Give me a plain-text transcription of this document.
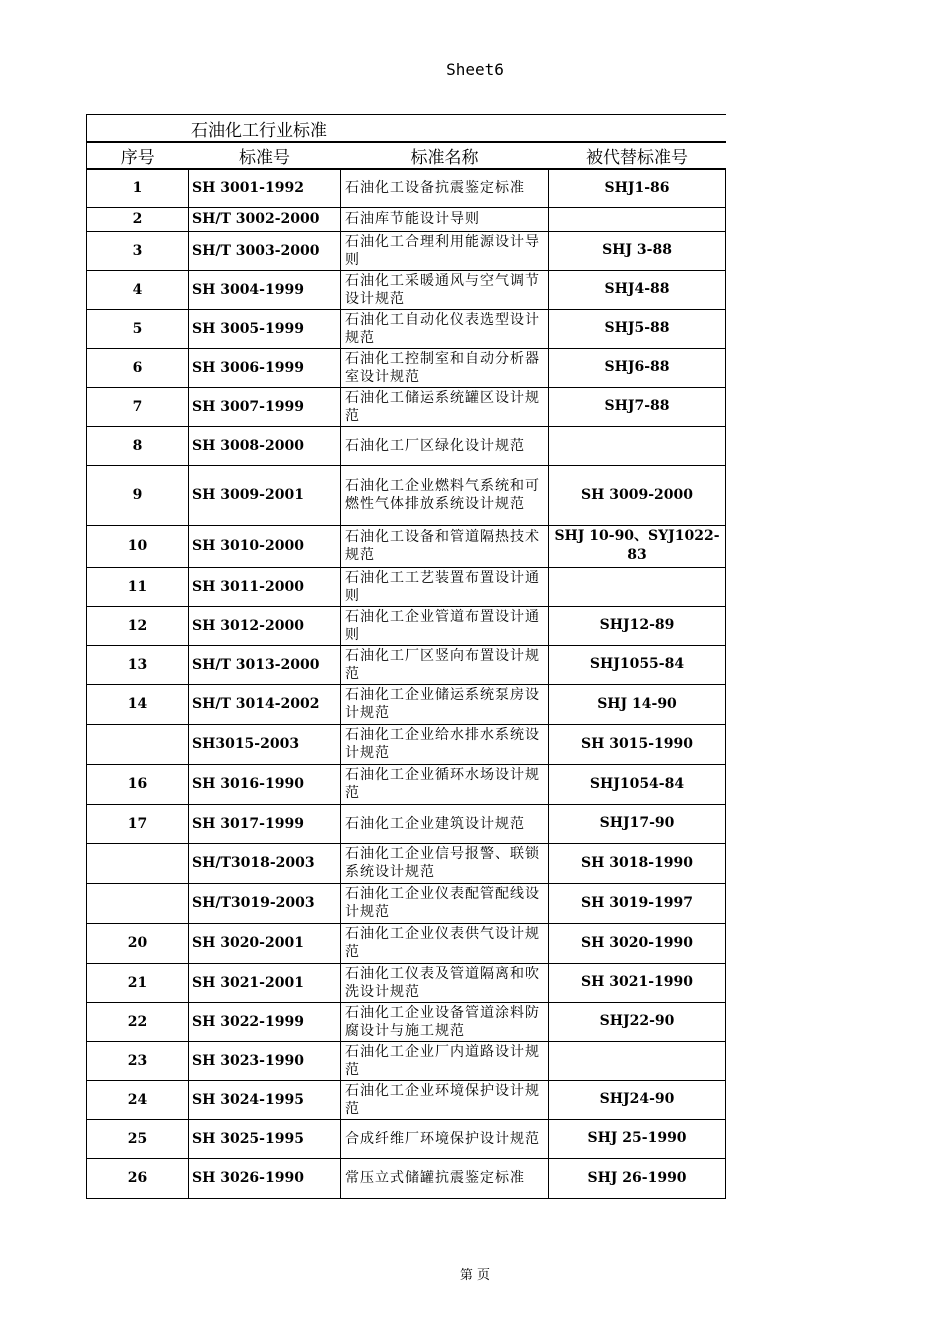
Sheet6
石油化工行业标准			
序号	标准号	标准名称	被代替标准号
1	SH 3001-1992	石油化工设备抗震鉴定标准	SHJ1-86
2	SH/T 3002-2000	石油库节能设计导则	
3	SH/T 3003-2000	石油化工合理利用能源设计导则	SHJ 3-88
4	SH 3004-1999	石油化工采暖通风与空气调节设计规范	SHJ4-88
5	SH 3005-1999	石油化工自动化仪表选型设计规范	SHJ5-88
6	SH 3006-1999	石油化工控制室和自动分析器室设计规范	SHJ6-88
7	SH 3007-1999	石油化工储运系统罐区设计规范	SHJ7-88
8	SH 3008-2000	石油化工厂区绿化设计规范	
9	SH 3009-2001	石油化工企业燃料气系统和可燃性气体排放系统设计规范	SH 3009-2000
10	SH 3010-2000	石油化工设备和管道隔热技术规范	SHJ 10-90、SYJ1022-83
11	SH 3011-2000	石油化工工艺装置布置设计通则	
12	SH 3012-2000	石油化工企业管道布置设计通则	SHJ12-89
13	SH/T 3013-2000	石油化工厂区竖向布置设计规范	SHJ1055-84
14	SH/T 3014-2002	石油化工企业储运系统泵房设计规范	SHJ 14-90
	SH3015-2003	石油化工企业给水排水系统设计规范	SH 3015-1990
16	SH 3016-1990	石油化工企业循环水场设计规范	SHJ1054-84
17	SH 3017-1999	石油化工企业建筑设计规范	SHJ17-90
	SH/T3018-2003	石油化工企业信号报警、联锁系统设计规范	SH 3018-1990
	SH/T3019-2003	石油化工企业仪表配管配线设计规范	SH 3019-1997
20	SH 3020-2001	石油化工企业仪表供气设计规范	SH 3020-1990
21	SH 3021-2001	石油化工仪表及管道隔离和吹洗设计规范	SH 3021-1990
22	SH 3022-1999	石油化工企业设备管道涂料防腐设计与施工规范	SHJ22-90
23	SH 3023-1990	石油化工企业厂内道路设计规范	
24	SH 3024-1995	石油化工企业环境保护设计规范	SHJ24-90
25	SH 3025-1995	合成纤维厂环境保护设计规范	SHJ 25-1990
26	SH 3026-1990	常压立式储罐抗震鉴定标准	SHJ 26-1990
第 页
